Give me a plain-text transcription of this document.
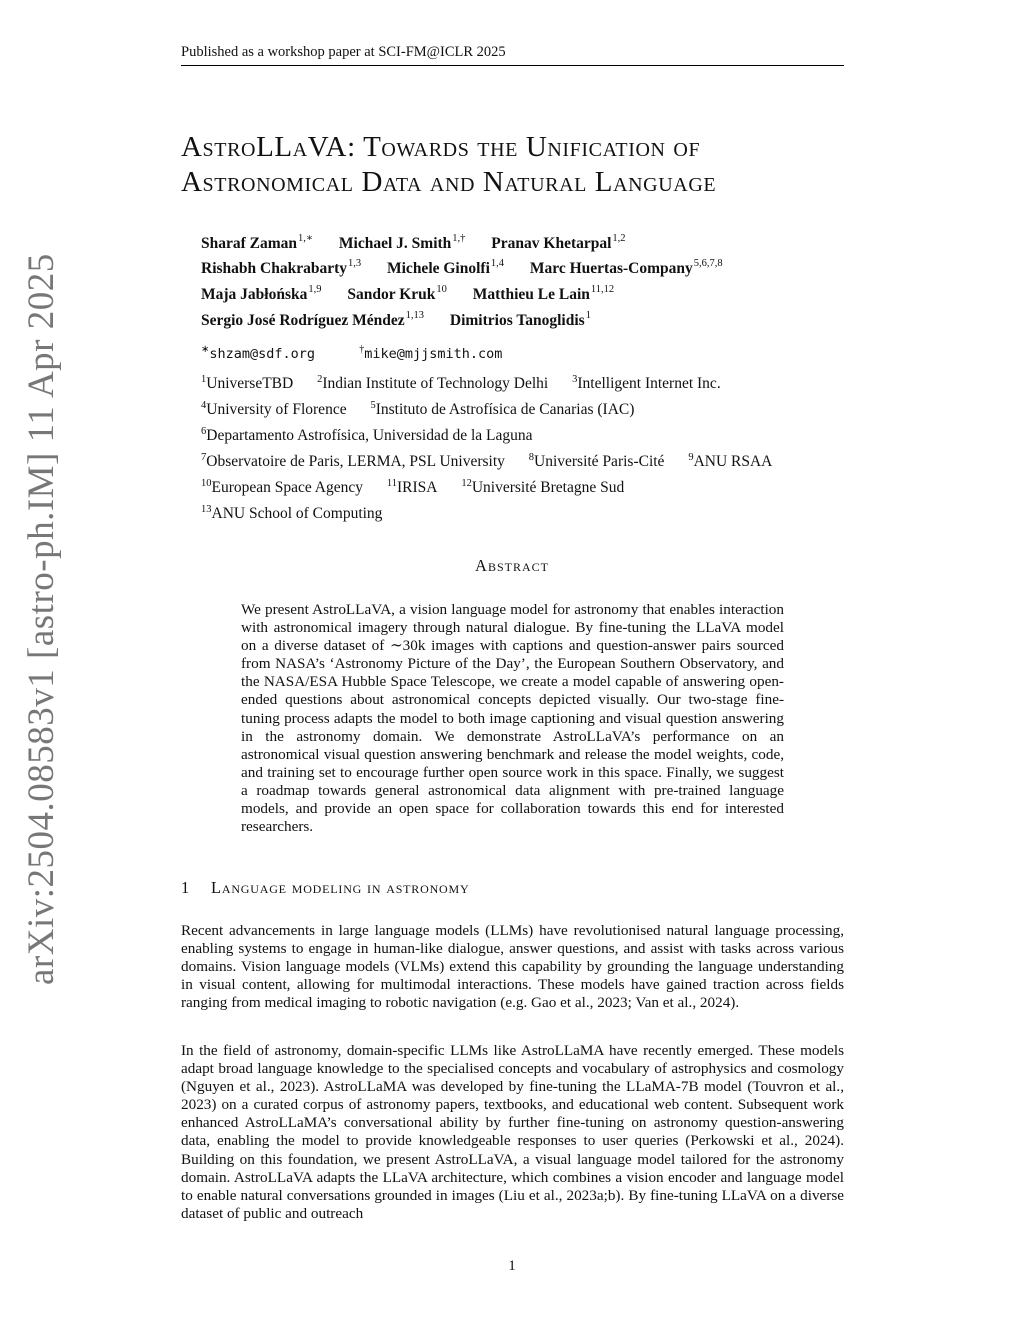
Published as a workshop paper at SCI-FM@ICLR 2025
arXiv:2504.08583v1 [astro-ph.IM] 11 Apr 2025
AstroLLaVA: Towards the Unification of
Astronomical Data and Natural Language
Sharaf Zaman$^{1,∗}$ Michael J. Smith$^{1,\dagger}$ Pranav Khetarpal$^{1,2}$
Rishabh Chakrabarty$^{1,3}$ Michele Ginolfi$^{1,4}$ Marc Huertas-Company$^{5,6,7,8}$
Maja Jabłońska$^{1,9}$ Sandor Kruk$^{10}$ Matthieu Le Lain$^{11,12}$
Sergio José Rodríguez Méndez$^{1,13}$ Dimitrios Tanoglidis$^1$
∗shzam@sdf.org	†mike@mjjsmith.com
$^1$UniverseTBD $^2$Indian Institute of Technology Delhi $^3$Intelligent Internet Inc.
$^4$University of Florence $^5$Instituto de Astrofísica de Canarias (IAC)
$^6$Departamento Astrofísica, Universidad de la Laguna
$^7$Observatoire de Paris, LERMA, PSL University $^8$Université Paris-Cité $^9$ANU RSAA
$^{10}$European Space Agency $^{11}$IRISA $^{12}$Université Bretagne Sud
$^{13}$ANU School of Computing
Abstract
We present AstroLLaVA, a vision language model for astronomy that enables interaction with astronomical imagery through natural dialogue. By fine-tuning the LLaVA model on a diverse dataset of ∼30k images with captions and question-answer pairs sourced from NASA’s ‘Astronomy Picture of the Day’, the European Southern Observatory, and the NASA/ESA Hubble Space Telescope, we create a model capable of answering open-ended questions about astronomical concepts depicted visually. Our two-stage fine-tuning process adapts the model to both image captioning and visual question answering in the astronomy domain. We demonstrate AstroLLaVA’s performance on an astronomical visual question answering benchmark and release the model weights, code, and training set to encourage further open source work in this space. Finally, we suggest a roadmap towards general astronomical data alignment with pre-trained language models, and provide an open space for collaboration towards this end for interested researchers.
1 Language modeling in astronomy
Recent advancements in large language models (LLMs) have revolutionised natural language processing, enabling systems to engage in human-like dialogue, answer questions, and assist with tasks across various domains. Vision language models (VLMs) extend this capability by grounding the language understanding in visual content, allowing for multimodal interactions. These models have gained traction across fields ranging from medical imaging to robotic navigation (e.g. Gao et al., 2023; Van et al., 2024).
In the field of astronomy, domain-specific LLMs like AstroLLaMA have recently emerged. These models adapt broad language knowledge to the specialised concepts and vocabulary of astrophysics and cosmology (Nguyen et al., 2023). AstroLLaMA was developed by fine-tuning the LLaMA-7B model (Touvron et al., 2023) on a curated corpus of astronomy papers, textbooks, and educational web content. Subsequent work enhanced AstroLLaMA’s conversational ability by further fine-tuning on astronomy question-answering data, enabling the model to provide knowledgeable responses to user queries (Perkowski et al., 2024). Building on this foundation, we present AstroLLaVA, a visual language model tailored for the astronomy domain. AstroLLaVA adapts the LLaVA architecture, which combines a vision encoder and language model to enable natural conversations grounded in images (Liu et al., 2023a;b). By fine-tuning LLaVA on a diverse dataset of public and outreach
1
